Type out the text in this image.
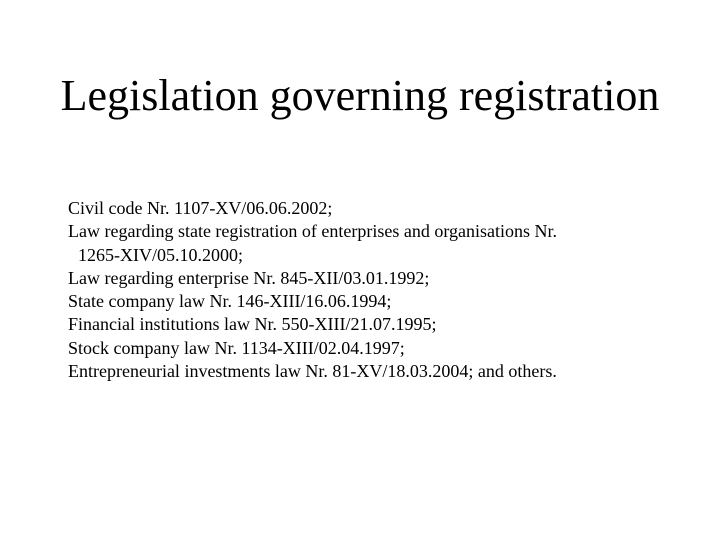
Legislation governing registration
Civil code Nr. 1107-XV/06.06.2002;
Law regarding state registration of enterprises and organisations Nr.
1265-XIV/05.10.2000;
Law regarding enterprise Nr. 845-XII/03.01.1992;
State company law Nr. 146-XIII/16.06.1994;
Financial institutions law Nr. 550-XIII/21.07.1995;
Stock company law Nr. 1134-XIII/02.04.1997;
Entrepreneurial investments law Nr. 81-XV/18.03.2004; and others.
